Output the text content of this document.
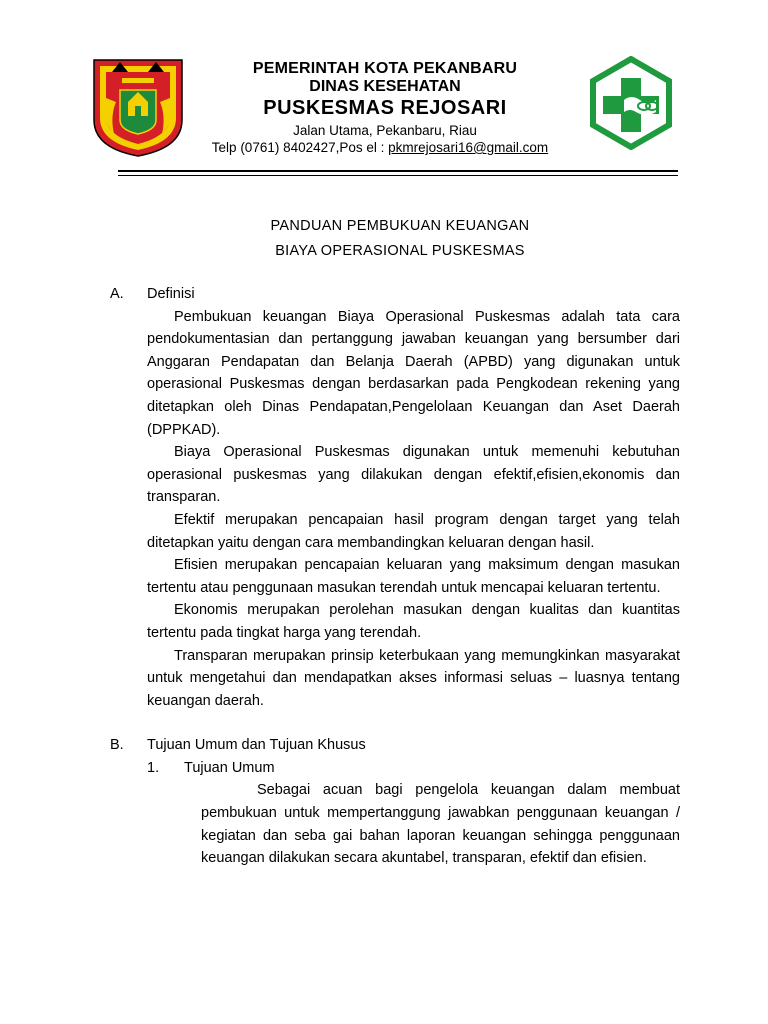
PEMERINTAH KOTA PEKANBARU
DINAS KESEHATAN
PUSKESMAS REJOSARI
Jalan Utama, Pekanbaru, Riau
Telp (0761) 8402427,Pos el : pkmrejosari16@gmail.com
PANDUAN PEMBUKUAN KEUANGAN
BIAYA OPERASIONAL PUSKESMAS
A. Definisi
Pembukuan keuangan Biaya Operasional Puskesmas adalah tata cara pendokumentasian dan pertanggung jawaban keuangan yang bersumber dari Anggaran Pendapatan dan Belanja Daerah (APBD) yang digunakan untuk operasional Puskesmas dengan berdasarkan pada Pengkodean rekening yang ditetapkan oleh Dinas Pendapatan,Pengelolaan Keuangan dan Aset Daerah (DPPKAD).
Biaya Operasional Puskesmas digunakan untuk memenuhi kebutuhan operasional puskesmas yang dilakukan dengan efektif,efisien,ekonomis dan transparan.
Efektif merupakan pencapaian hasil program dengan target yang telah ditetapkan yaitu dengan cara membandingkan keluaran dengan hasil.
Efisien merupakan pencapaian keluaran yang maksimum dengan masukan tertentu atau penggunaan masukan terendah untuk mencapai keluaran tertentu.
Ekonomis merupakan perolehan masukan dengan kualitas dan kuantitas tertentu pada tingkat harga yang terendah.
Transparan merupakan prinsip keterbukaan yang memungkinkan masyarakat untuk mengetahui dan mendapatkan akses informasi seluas – luasnya tentang keuangan daerah.
B. Tujuan Umum dan Tujuan Khusus
1. Tujuan Umum
Sebagai acuan bagi pengelola keuangan dalam membuat pembukuan untuk mempertanggung jawabkan penggunaan keuangan / kegiatan dan seba gai bahan laporan keuangan sehingga penggunaan keuangan dilakukan secara akuntabel, transparan, efektif dan efisien.
